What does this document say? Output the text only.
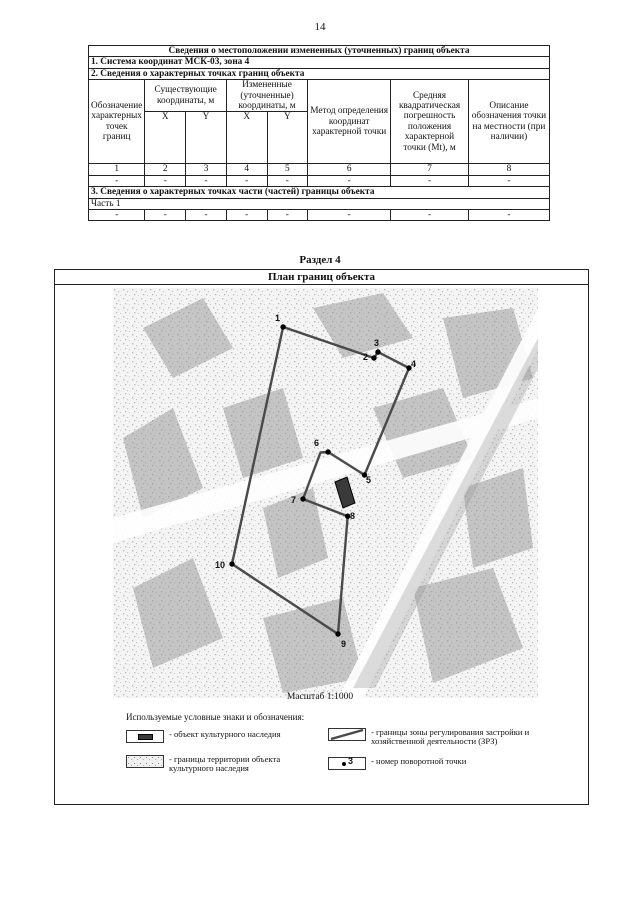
14
Сведения о местоположении измененных (уточненных) границ объекта							
1. Система координат МСК-03, зона 4							
2. Сведения о характерных точках границ объекта							
Обозначение характерных точек границ	Существующие координаты, м		Измененные (уточненные) координаты, м		Метод определения координат характерной точки	Средняя квадратическая погрешность положения характерной точки (Mt), м	Описание обозначения точки на местности (при наличии)
	X	Y	X	Y			
1	2	3	4	5	6	7	8
-	-	-	-	-	-	-	-
3. Сведения о характерных точках части (частей) границы объекта							
Часть 1							
-	-	-	-	-	-	-	-
Раздел 4
План границ объекта
1
2
3
4
5
6
7
8
9
10
Масштаб 1:1000
Используемые условные знаки и обозначения:
- объект культурного наследия	- границы зоны регулирования застройки и хозяйственной деятельности (ЗРЗ)
- границы территории объекта культурного наследия
3 - номер поворотной точки
